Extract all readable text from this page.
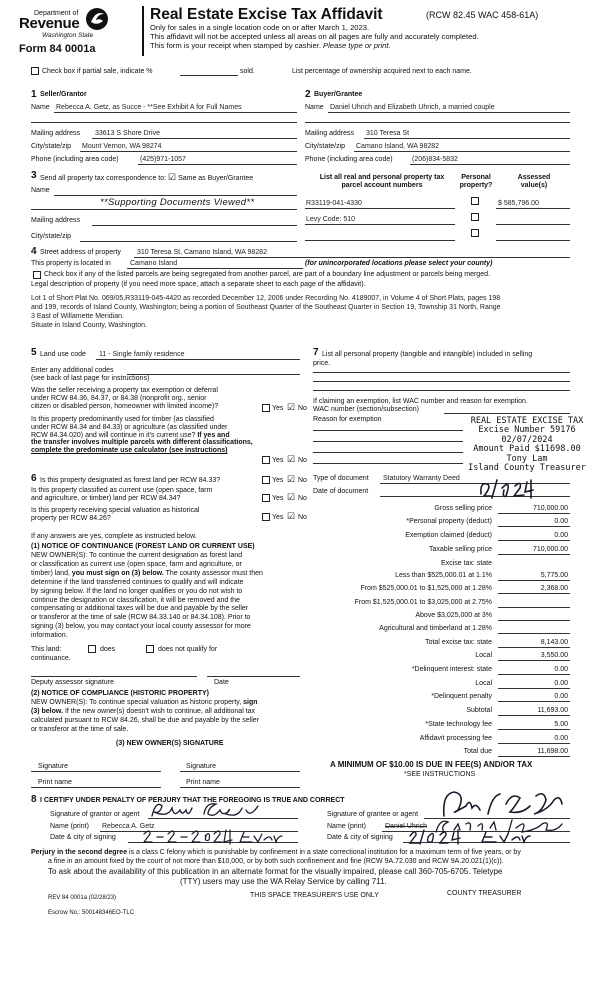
Department of
Revenue
Washington State
Form 84 0001a
Real Estate Excise Tax Affidavit	(RCW 82.45 WAC 458-61A)
Only for sales in a single location code on or after March 1, 2023.
This affidavit will not be accepted unless all areas on all pages are fully and accurately completed.
This form is your receipt when stamped by cashier. Please type or print.
Check box if partial sale, indicate %	sold.	List percentage of ownership acquired next to each name.
1 Seller/Grantor
Name Rebecca A. Getz, as Succe - **See Exhibit A for Full Names
Mailing address 33613 S Shore Drive
City/state/zip Mount Vernon, WA 98274
Phone (including area code)	(425)971-1057
2 Buyer/Grantee
Name Daniel Uhrich and Elizabeth Uhrich, a married couple
Mailing address 310 Teresa St
City/state/zip Camano Island, WA 98282
Phone (including area code)	(206)834-5832
3 Send all property tax correspondence to: ☑ Same as Buyer/Grantee
Name
**Supporting Documents Viewed**
Mailing address
City/state/zip
List all real and personal property tax
parcel account numbers
Personal
property?
Assessed
value(s)
R33119-041-4330	$ 585,796.00
Levy Code: 510
4 Street address of property 310 Teresa St, Camano Island, WA 98282
This property is located in	Camano Island	(for unincorporated locations please select your county)
Check box if any of the listed parcels are being segregated from another parcel, are part of a boundary line adjustment or parcels being merged.
Legal description of property (if you need more space, attach a separate sheet to each page of the affidavit).
Lot 1 of Short Plat No. 069/05,R33119-045-4420 as recorded December 12, 2006 under Recording No. 4189007, in Volume 4 of Short Plats, pages 198
and 199, records of Island County, Washington; being a portion of Southeast Quarter of the Southeast Quarter in Section 19, Township 31 North, Range
3 East of Willamette Meridian.
Situate in Island County, Washington.
5 Land use code 11 - Single family residence
Enter any additional codes
(see back of last page for instructions)
Was the seller receiving a property tax exemption or deferral
under RCW 84.36, 84.37, or 84.38 (nonprofit org., senior
citizen or disabled person, homeowner with limited income)?	Yes ☑ No
Is this property predominantly used for timber (as classified
under RCW 84.34 and 84.33) or agriculture (as classified under
RCW 84.34.020) and will continue in it's current use? If yes and
the transfer involves multiple parcels with different classifications,
complete the predominate use calculator (see instructions)
Yes ☑ No
6 Is this property designated as forest land per RCW 84.33?	Yes ☑ No
Is this property classified as current use (open space, farm
and agriculture, or timber) land per RCW 84.34?	Yes ☑ No
Is this property receiving special valuation as historical
property per RCW 84.26?	Yes ☑ No
If any answers are yes, complete as instructed below.
(1) NOTICE OF CONTINUANCE (FOREST LAND OR CURRENT USE)
NEW OWNER(S): To continue the current designation as forest land
or classification as current use (open space, farm and agriculture, or
timber) land, you must sign on (3) below. The county assessor must then
determine if the land transferred continues to qualify and will indicate
by signing below. If the land no longer qualifies or you do not wish to
continue the designation or classification, it will be removed and the
compensating or additional taxes will be due and payable by the seller
or transferor at the time of sale (RCW 84.33.140 or 84.34.108). Prior to
signing (3) below, you may contact your local county assessor for more
information.
This land:	does	does not qualify for
continuance.
Deputy assessor signature	Date
(2) NOTICE OF COMPLIANCE (HISTORIC PROPERTY)
NEW OWNER(S): To continue special valuation as historic property, sign
(3) below. If the new owner(s) doesn't wish to continue, all additional tax
calculated pursuant to RCW 84.26, shall be due and payable by the seller
or transferor at the time of sale.
(3) NEW OWNER(S) SIGNATURE
Signature	Signature
Print name	Print name
7 List all personal property (tangible and intangible) included in selling
price.
If claiming an exemption, list WAC number and reason for exemption.
WAC number (section/subsection)
Reason for exemption	REAL ESTATE EXCISE TAX
Excise Number 59176
02/07/2024
Amount Paid $11698.00
Tony Lam
Island County Treasurer
Type of document Statutory Warranty Deed
Date of document
Gross selling price	710,000.00
*Personal property (deduct)	0.00
Exemption claimed (deduct)	0.00
Taxable selling price	710,000.00
Excise tax: state
Less than $525,000.01 at 1.1%	5,775.00
From $525,000.01 to $1,525,000 at 1.28%	2,368.00
From $1,525,000.01 to $3,025,000 at 2.75%
Above $3,025,000 at 3%
Agricultural and timberland at 1.28%
Total excise tax: state	8,143.00
Local	3,550.00
*Delinquent interest: state	0.00
Local	0.00
*Delinquent penalty	0.00
Subtotal	11,693.00
*State technology fee	5.00
Affidavit processing fee	0.00
Total due	11,698.00
A MINIMUM OF $10.00 IS DUE IN FEE(S) AND/OR TAX
*SEE INSTRUCTIONS
8 I CERTIFY UNDER PENALTY OF PERJURY THAT THE FOREGOING IS TRUE AND CORRECT
Signature of grantor or agent
Name (print) Rebecca A. Getz
Date & city of signing
Signature of grantee or agent
Name (print)	Daniel Uhrich
Date & city of signing
Perjury in the second degree is a class C felony which is punishable by confinement in a state correctional institution for a maximum term of five years, or by
a fine in an amount fixed by the court of not more than $10,000, or by both such confinement and fine (RCW 9A.72.030 and RCW 9A.20.021(1)(c)).
To ask about the availability of this publication in an alternate format for the visually impaired, please call 360-705-6705. Teletype
(TTY) users may use the WA Relay Service by calling 711.
REV 84 0001a (02/28/23)	THIS SPACE TREASURER'S USE ONLY	COUNTY TREASURER
Escrow No.: 500148346EO-TLC
